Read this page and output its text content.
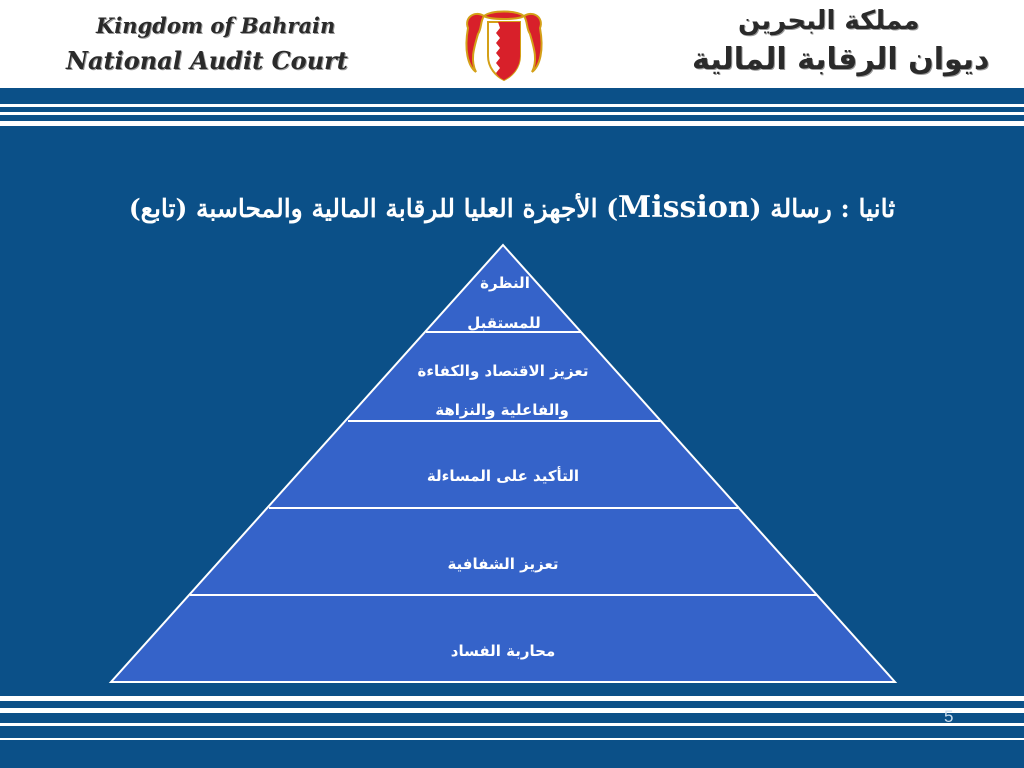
Kingdom of Bahrain
National Audit Court
مملكة البحرين
ديوان الرقابة المالية
ثانيا : رسالة (Mission) الأجهزة العليا للرقابة المالية والمحاسبة (تابع)
النظرة
للمستقبل
تعزيز الاقتصاد والكفاءة
والفاعلية والنزاهة
التأكيد على المساءلة
تعزيز الشفافية
محاربة الفساد
5
